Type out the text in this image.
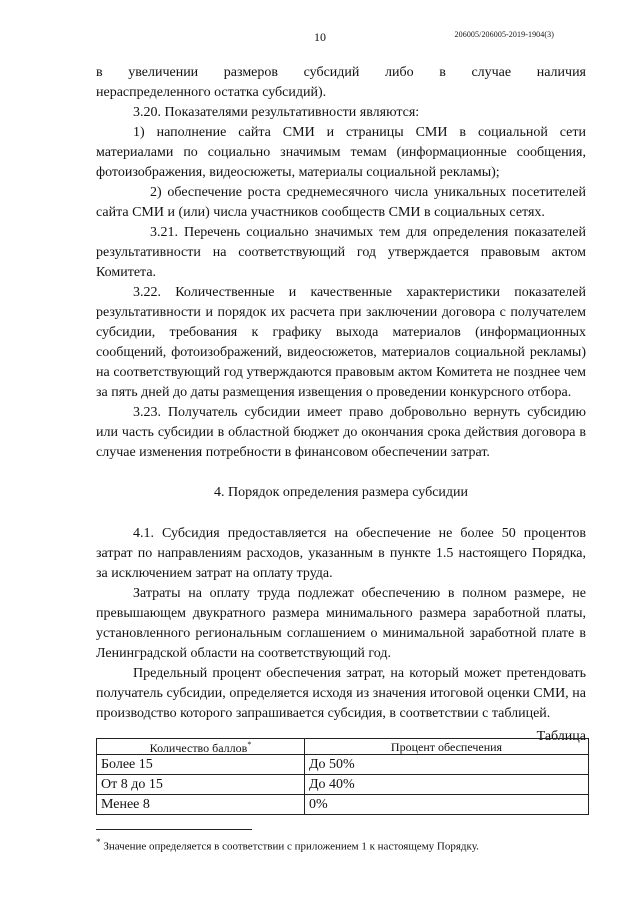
10	206005/206005-2019-1904(3)

в увеличении размеров субсидий либо в случае наличия

нераспределенного остатка субсидий).

3.20. Показателями результативности являются:

1) наполнение сайта СМИ и страницы СМИ в социальной сети материалами по социально значимым темам (информационные сообщения, фотоизображения, видеосюжеты, материалы социальной рекламы);

2) обеспечение роста среднемесячного числа уникальных посетителей сайта СМИ и (или) числа участников сообществ СМИ в социальных сетях.

3.21. Перечень социально значимых тем для определения показателей результативности на соответствующий год утверждается правовым актом Комитета.

3.22. Количественные и качественные характеристики показателей результативности и порядок их расчета при заключении договора с получателем субсидии, требования к графику выхода материалов (информационных сообщений, фотоизображений, видеосюжетов, материалов социальной рекламы) на соответствующий год утверждаются правовым актом Комитета не позднее чем за пять дней до даты размещения извещения о проведении конкурсного отбора.

3.23. Получатель субсидии имеет право добровольно вернуть субсидию или часть субсидии в областной бюджет до окончания срока действия договора в случае изменения потребности в финансовом обеспечении затрат.

4. Порядок определения размера субсидии

4.1. Субсидия предоставляется на обеспечение не более 50 процентов затрат по направлениям расходов, указанным в пункте 1.5 настоящего Порядка, за исключением затрат на оплату труда.

Затраты на оплату труда подлежат обеспечению в полном размере, не превышающем двукратного размера минимального размера заработной платы, установленного региональным соглашением о минимальной заработной плате в Ленинградской области на соответствующий год.

Предельный процент обеспечения затрат, на который может претендовать получатель субсидии, определяется исходя из значения итоговой оценки СМИ, на производство которого запрашивается субсидия, в соответствии с таблицей.

Таблица

Количество баллов*	Процент обеспечения
Более 15	До 50%
От 8 до 15	До 40%
Менее 8	0%
* Значение определяется в соответствии с приложением 1 к настоящему Порядку.
